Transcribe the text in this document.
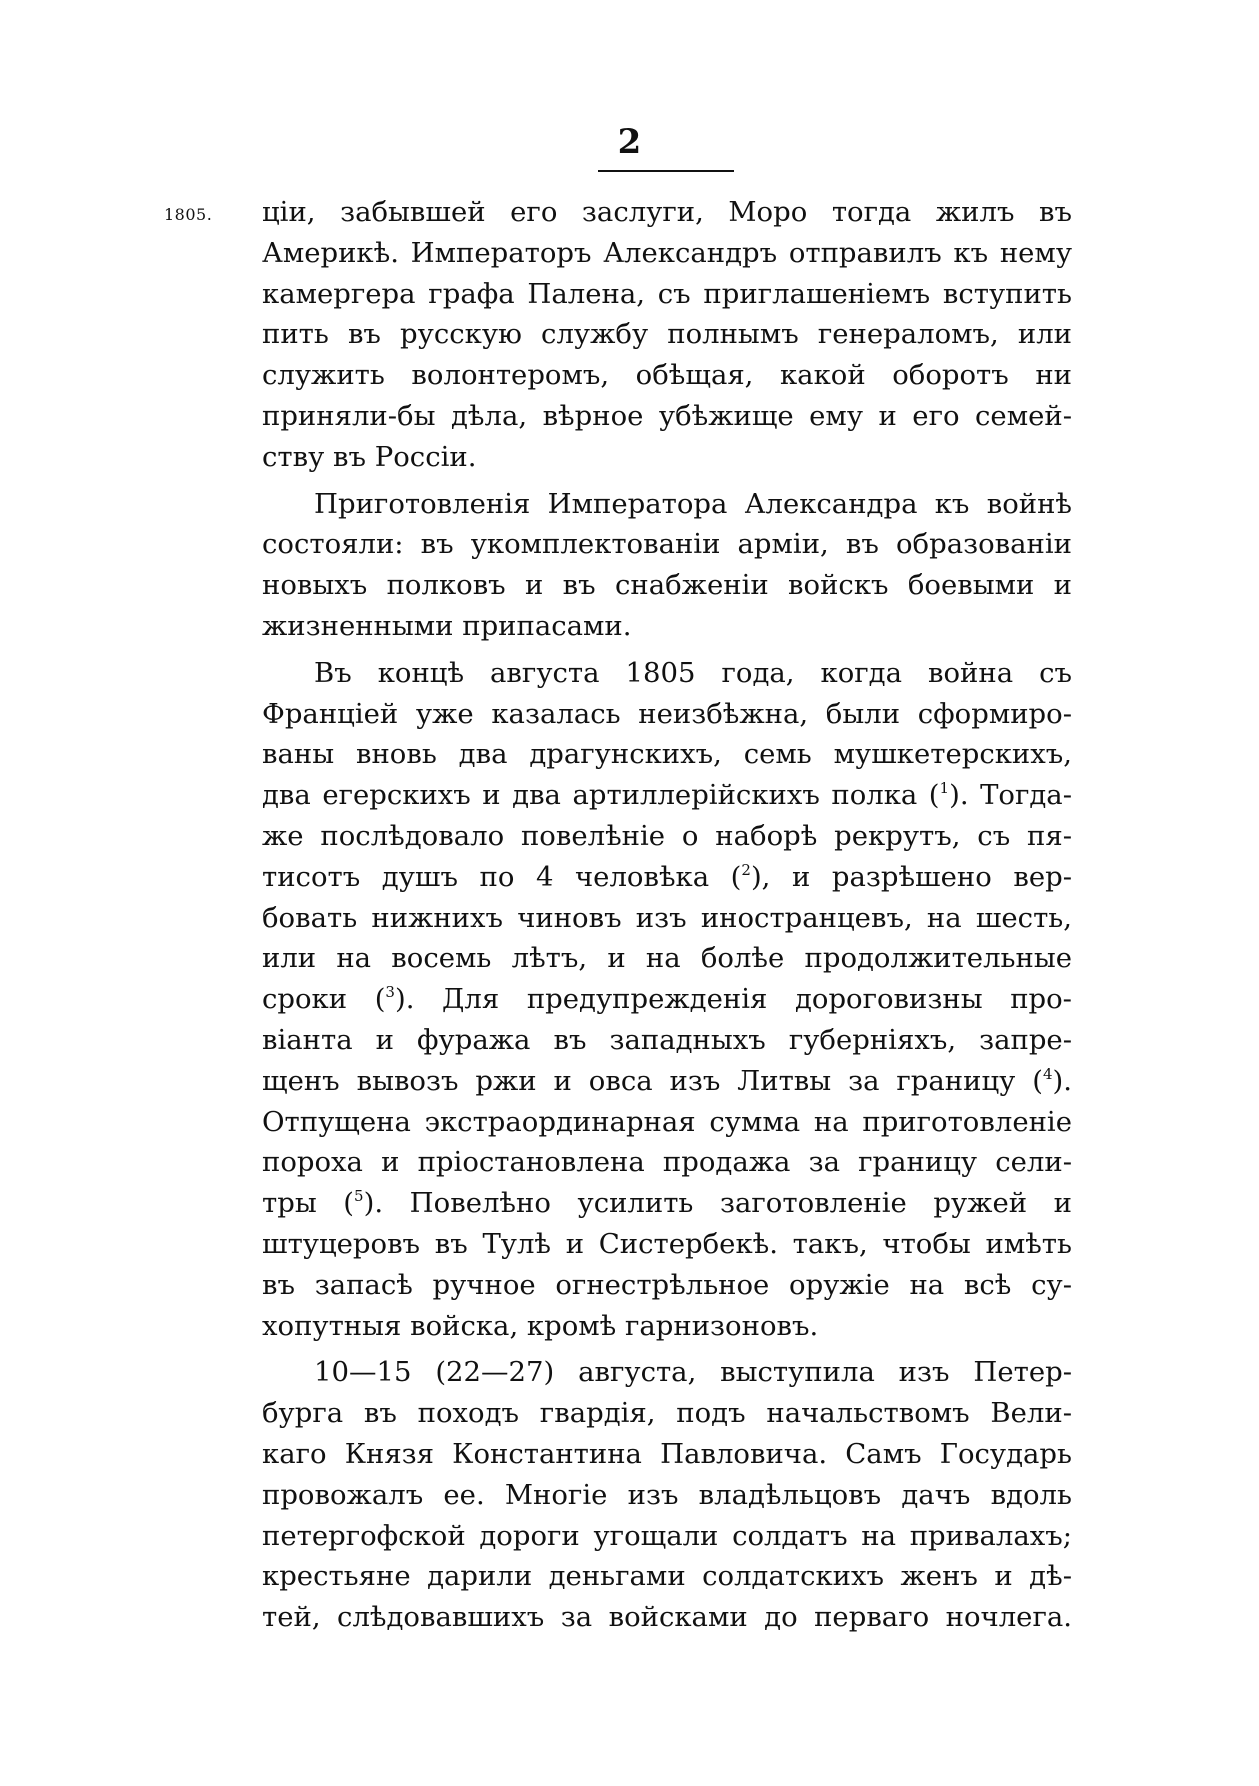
2
1805. ціи, забывшей его заслуги, Моро тогда жилъ въ
Америкѣ. Императоръ Александръ отправилъ къ нему
камергера графа Палена, съ приглашеніемъ вступить
пить въ русскую службу полнымъ генераломъ, или
служить волонтеромъ, обѣщая, какой оборотъ ни
приняли-бы дѣла, вѣрное убѣжище ему и его семей-
ству въ Россіи.
Приготовленія Императора Александра къ войнѣ
состояли: въ укомплектованіи арміи, въ образованіи
новыхъ полковъ и въ снабженіи войскъ боевыми и
жизненными припасами.
Въ концѣ августа 1805 года, когда война съ
Франціей уже казалась неизбѣжна, были сформиро-
ваны вновь два драгунскихъ, семь мушкетерскихъ,
два егерскихъ и два артиллерійскихъ полка ($^1$). Тогда-
же послѣдовало повелѣніе о наборѣ рекрутъ, съ пя-
тисотъ душъ по 4 человѣка ($^2$), и разрѣшено вер-
бовать нижнихъ чиновъ изъ иностранцевъ, на шесть,
или на восемь лѣтъ, и на болѣе продолжительные
сроки ($^3$). Для предупрежденія дороговизны про-
віанта и фуража въ западныхъ губерніяхъ, запре-
щенъ вывозъ ржи и овса изъ Литвы за границу ($^4$).
Отпущена экстраординарная сумма на приготовленіе
пороха и пріостановлена продажа за границу сели-
тры ($^5$). Повелѣно усилить заготовленіе ружей и
штуцеровъ въ Тулѣ и Систербекѣ. такъ, чтобы имѣть
въ запасѣ ручное огнестрѣльное оружіе на всѣ су-
хопутныя войска, кромѣ гарнизоновъ.
10—15 (22—27) августа, выступила изъ Петер-
бурга въ походъ гвардія, подъ начальствомъ Вели-
каго Князя Константина Павловича. Самъ Государь
провожалъ ее. Многіе изъ владѣльцовъ дачъ вдоль
петергофской дороги угощали солдатъ на привалахъ;
крестьяне дарили деньгами солдатскихъ женъ и дѣ-
тей, слѣдовавшихъ за войсками до перваго ночлега.
